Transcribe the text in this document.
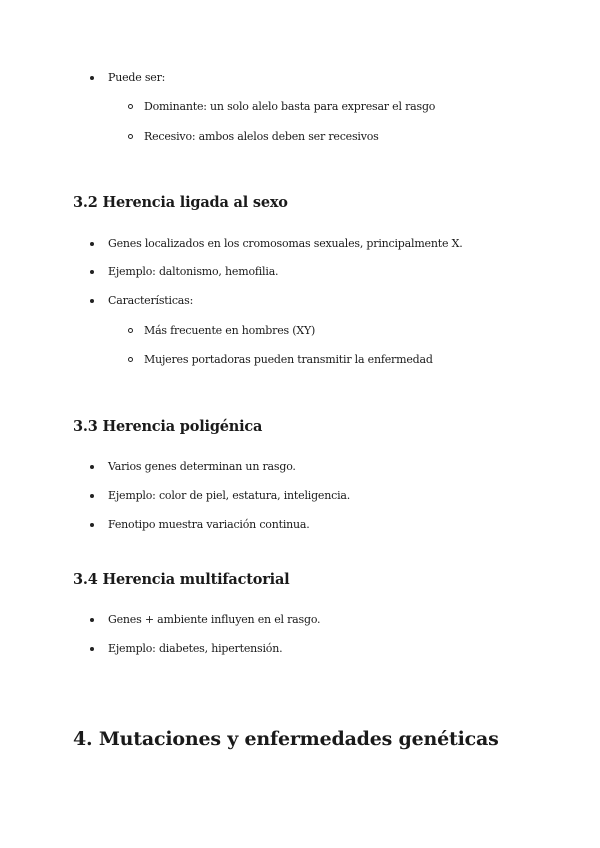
Puede ser:
Dominante: un solo alelo basta para expresar el rasgo
Recesivo: ambos alelos deben ser recesivos
3.2 Herencia ligada al sexo
Genes localizados en los cromosomas sexuales, principalmente X.
Ejemplo: daltonismo, hemofilia.
Características:
Más frecuente en hombres (XY)
Mujeres portadoras pueden transmitir la enfermedad
3.3 Herencia poligénica
Varios genes determinan un rasgo.
Ejemplo: color de piel, estatura, inteligencia.
Fenotipo muestra variación continua.
3.4 Herencia multifactorial
Genes + ambiente influyen en el rasgo.
Ejemplo: diabetes, hipertensión.
4. Mutaciones y enfermedades genéticas
